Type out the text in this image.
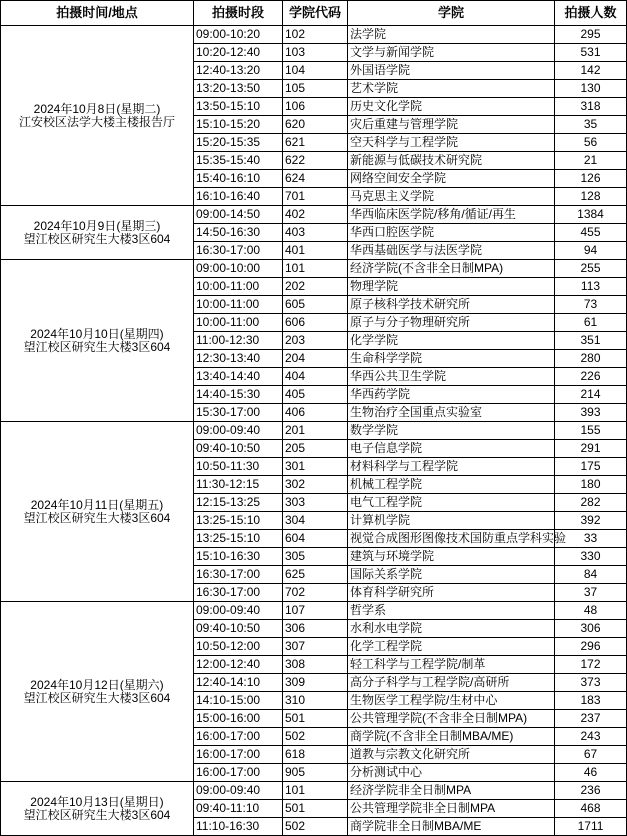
拍摄时间/地点	拍摄时段	学院代码	学院	拍摄人数
2024年10月8日(星期二)
江安校区法学大楼主楼报告厅	09:00-10:20	102	法学院	295
	10:20-12:40	103	文学与新闻学院	531
	12:40-13:20	104	外国语学院	142
	13:20-13:50	105	艺术学院	130
	13:50-15:10	106	历史文化学院	318
	15:10-15:20	620	灾后重建与管理学院	35
	15:20-15:35	621	空天科学与工程学院	56
	15:35-15:40	622	新能源与低碳技术研究院	21
	15:40-16:10	624	网络空间安全学院	126
	16:10-16:40	701	马克思主义学院	128
2024年10月9日(星期三)
望江校区研究生大楼3区604	09:00-14:50	402	华西临床医学院/移角/循证/再生	1384
	14:50-16:30	403	华西口腔医学院	455
	16:30-17:00	401	华西基础医学与法医学院	94
2024年10月10日(星期四)
望江校区研究生大楼3区604	09:00-10:00	101	经济学院(不含非全日制MPA)	255
	10:00-11:00	202	物理学院	113
	10:00-11:00	605	原子核科学技术研究所	73
	10:00-11:00	606	原子与分子物理研究所	61
	11:00-12:30	203	化学学院	351
	12:30-13:40	204	生命科学学院	280
	13:40-14:40	404	华西公共卫生学院	226
	14:40-15:30	405	华西药学院	214
	15:30-17:00	406	生物治疗全国重点实验室	393
2024年10月11日(星期五)
望江校区研究生大楼3区604	09:00-09:40	201	数学学院	155
	09:40-10:50	205	电子信息学院	291
	10:50-11:30	301	材料科学与工程学院	175
	11:30-12:15	302	机械工程学院	180
	12:15-13:25	303	电气工程学院	282
	13:25-15:10	304	计算机学院	392
	13:25-15:10	604	视觉合成图形图像技术国防重点学科实验	33
	15:10-16:30	305	建筑与环境学院	330
	16:30-17:00	625	国际关系学院	84
	16:30-17:00	702	体育科学研究所	37
2024年10月12日(星期六)
望江校区研究生大楼3区604	09:00-09:40	107	哲学系	48
	09:40-10:50	306	水利水电学院	306
	10:50-12:00	307	化学工程学院	296
	12:00-12:40	308	轻工科学与工程学院/制革	172
	12:40-14:10	309	高分子科学与工程学院/高研所	373
	14:10-15:00	310	生物医学工程学院/生材中心	183
	15:00-16:00	501	公共管理学院(不含非全日制MPA)	237
	16:00-17:00	502	商学院(不含非全日制MBA/ME)	243
	16:00-17:00	618	道教与宗教文化研究所	67
	16:00-17:00	905	分析测试中心	46
2024年10月13日(星期日)
望江校区研究生大楼3区604	09:00-09:40	101	经济学院非全日制MPA	236
	09:40-11:10	501	公共管理学院非全日制MPA	468
	11:10-16:30	502	商学院非全日制MBA/ME	1711
